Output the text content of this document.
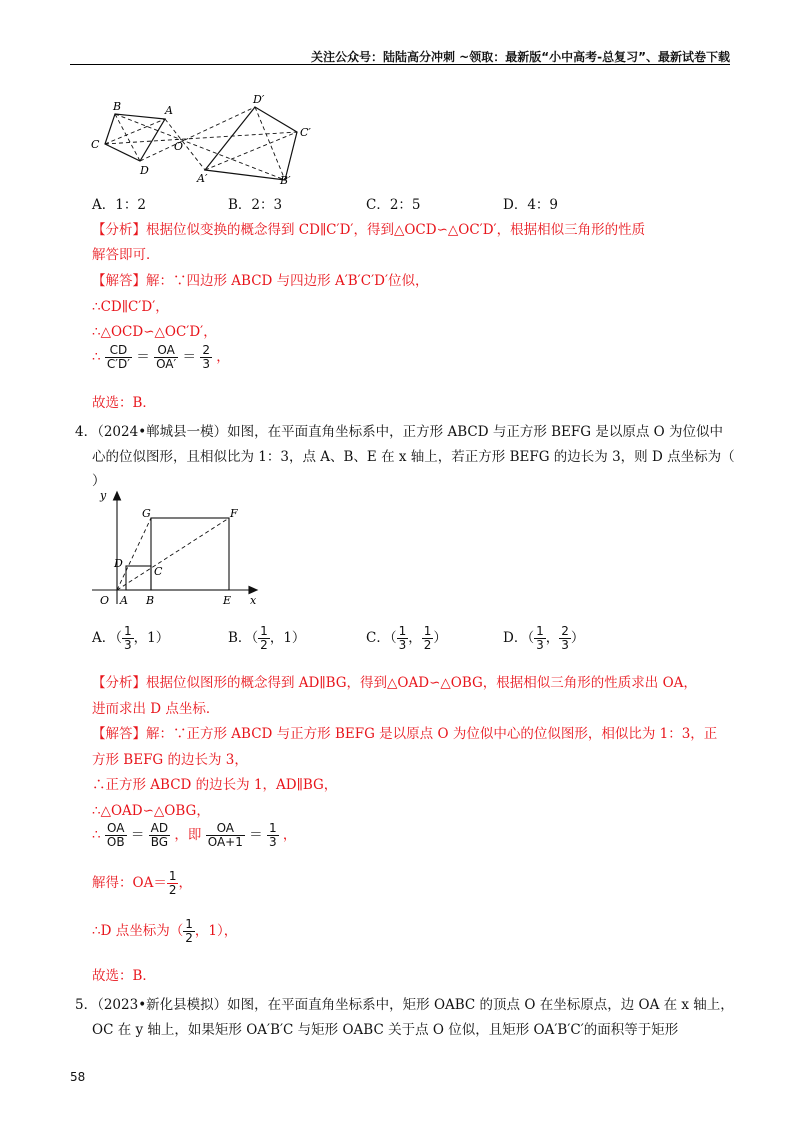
关注公众号：陆陆高分冲刺 ~领取：最新版“小中高考-总复习”、最新试卷下载
B	A
C	O
D
D′
C′
A′	B′
A．1：2	B．2：3	C．2：5	D．4：9
【分析】根据位似变换的概念得到 CD∥C′D′，得到△OCD∽△OC′D′，根据相似三角形的性质
解答即可．
【解答】解：∵四边形 ABCD 与四边形 A′B′C′D′位似，
∴CD∥C′D′，
∴△OCD∽△OC′D′，
∴ $\frac{CD}{C'D'} = \frac{OA}{OA'} = \frac{2}{3}$ ，
故选：B．
4．（2024•郸城县一模）如图，在平面直角坐标系中，正方形 ABCD 与正方形 BEFG 是以原点 O 为位似中
心的位似图形，且相似比为 1：3，点 A、B、E 在 x 轴上，若正方形 BEFG 的边长为 3，则 D 点坐标为（
）
y
G	F
D
C
O A B	E x
A．（ $\frac{1}{3}$ ，1）	B．（ $\frac{1}{2}$ ，1）	C．（ $\frac{1}{3}$ ， $\frac{1}{2}$ ）	D．（ $\frac{1}{3}$ ， $\frac{2}{3}$ ）
【分析】根据位似图形的概念得到 AD∥BG，得到△OAD∽△OBG，根据相似三角形的性质求出 OA，
进而求出 D 点坐标．
【解答】解：∵正方形 ABCD 与正方形 BEFG 是以原点 O 为位似中心的位似图形，相似比为 1：3，正
方形 BEFG 的边长为 3，
∴正方形 ABCD 的边长为 1，AD∥BG，
∴△OAD∽△OBG，
∴ $\frac{OA}{OB} = \frac{AD}{BG}$ ，即 $\frac{OA}{OA+1} = \frac{1}{3}$ ，
解得：$OA= \frac{1}{2}$ ，
∴D 点坐标为（ $\frac{1}{2}$ ，1），
故选：B．
5．（2023•新化县模拟）如图，在平面直角坐标系中，矩形 OABC 的顶点 O 在坐标原点，边 OA 在 x 轴上，
OC 在 y 轴上，如果矩形 OA′B′C 与矩形 OABC 关于点 O 位似，且矩形 OA′B′C′的面积等于矩形
58
